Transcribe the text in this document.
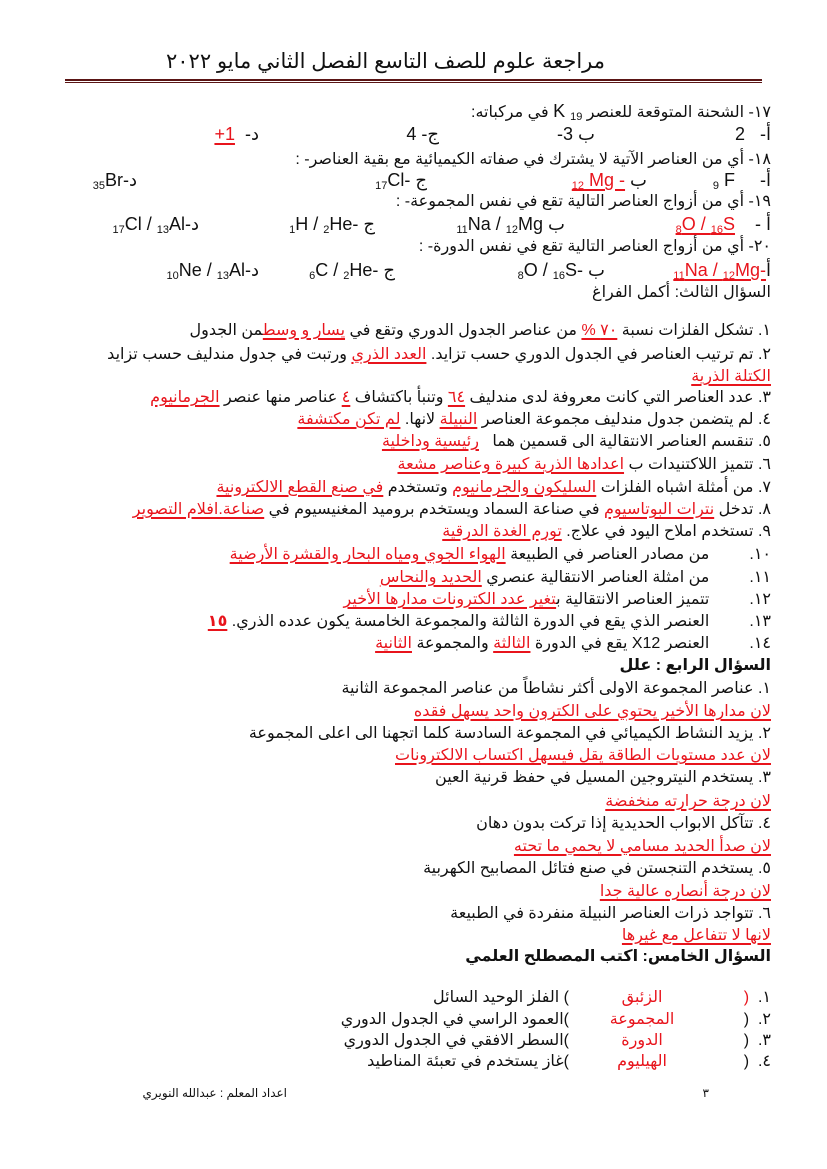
مراجعة علوم للصف التاسع الفصل الثاني مايو ٢٠٢٢
١٧- الشحنة المتوقعة للعنصر K $_{19}$ في مركباته:
أ-   2
ب -3
ج- 4
د-  +1
١٨- أي من العناصر الآتية لا يشترك في صفاته الكيميائية مع بقية العناصر- :
أ-     $_9$ F
ب $_{12}$ Mg -
ج $_{17}$Cl-
د$_{35}$Br-
١٩- أي من أزواج العناصر التالية تقع في نفس المجموعة- :
أ -    $_8$O / $_{16}$S
ب $_{11}$Na / $_{12}$Mg
ج $_1$H / $_2$He-
د$_{17}$Cl / $_{13}$Al-
٢٠- أي من أزواج العناصر التالية تقع في نفس الدورة- :
أ$_{11}$Na / $_{12}$Mg-
ب $_8$O / $_{16}$S-
ج $_6$C / $_2$He-
د$_{10}$Ne / $_{13}$Al-
السؤال الثالث: أكمل الفراغ
١. تشكل الفلزات نسبة ٧٠ % من عناصر الجدول الدوري وتقع في يسار و وسطمن الجدول
٢. تم ترتيب العناصر في الجدول الدوري حسب تزايد. العدد الذري ورتبت في جدول مندليف حسب تزايد
الكتلة الذرية
٣. عدد العناصر التي كانت معروفة لدى مندليف ٦٤ وتنبأ باكتشاف ٤ عناصر منها عنصر الجرمانيوم
٤. لم يتضمن جدول مندليف مجموعة العناصر النبيلة لانها. لم تكن مكتشفة
٥. تنقسم العناصر الانتقالية الى قسمين هما   رئيسية وداخلية
٦. تتميز اللاكتنيدات ب اعدادها الذرية كبيرة وعناصر مشعة
٧. من أمثلة اشباه الفلزات السليكون والجرمانيوم وتستخدم في صنع القطع الالكترونية
٨. تدخل نترات البوتاسيوم في صناعة السماد ويستخدم بروميد المغنيسيوم في صناعة.افلام التصوير
٩. تستخدم املاح اليود في علاج. تورم الغدة الدرقية
١٠.         من مصادر العناصر في الطبيعة الهواء الجوي ومياه البحار والقشرة الأرضية
١١.         من امثلة العناصر الانتقالية عنصري الحديد والنحاس
١٢.         تتميز العناصر الانتقالية بتغير عدد الكترونات مدارها الأخير
١٣.         العنصر الذي يقع في الدورة الثالثة والمجموعة الخامسة يكون عدده الذري. ١٥
١٤.         العنصر X12 يقع في الدورة الثالثة والمجموعة الثانية
السؤال الرابع : علل
١. عناصر المجموعة الاولى أكثر نشاطاً من عناصر المجموعة الثانية
لان مدارها الأخير يحتوي على الكترون واحد يسهل فقده
٢. يزيد النشاط الكيميائي في المجموعة السادسة كلما اتجهنا الى اعلى المجموعة
لان عدد مستويات الطاقة يقل فيسهل اكتساب الالكترونات
٣. يستخدم النيتروجين المسيل في حفظ قرنية العين
لان درجة حرارته منخفضة
٤. تتآكل الابواب الحديدية إذا تركت بدون دهان
لان صدأ الحديد مسامي لا يحمي ما تحته
٥. يستخدم التنجستن في صنع فتائل المصابيح الكهربية
لان درجة أنصاره عالية جدا
٦. تتواجد ذرات العناصر النبيلة منفردة في الطبيعة
لانها لا تتفاعل مع غيرها
السؤال الخامس: اكتب المصطلح العلمي
١.  (
الزئبق
) الفلز الوحيد السائل
٢.  (
المجموعة
)العمود الراسي في الجدول الدوري
٣.  (
الدورة
)السطر الافقي في الجدول الدوري
٤.  (
الهيليوم
)غاز يستخدم في تعبئة المناطيد
٣
اعداد المعلم : عبدالله النويري
